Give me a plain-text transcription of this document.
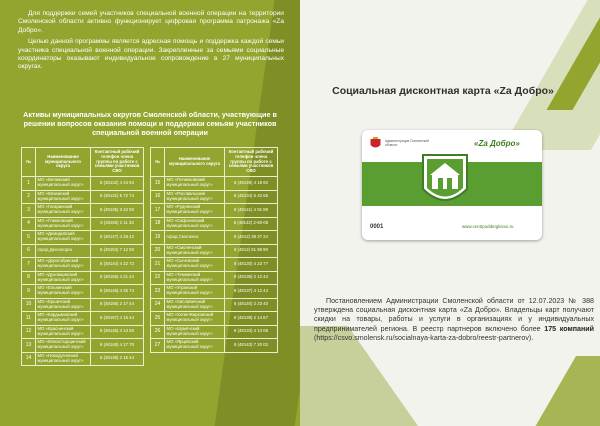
Для поддержки семей участников специальной военной операции на территории Смоленской области активно функционирует цифровая программа патронажа «Za Добро».

Целью данной программы является адресная помощь и поддержка каждой семьи участника специальной военной операции. Закрепленные за семьями социальные координаторы оказывают индивидуальное сопровождение в 27 муниципальных округах.

Активы муниципальных округов Смоленской области, участвующие в решении вопросов оказания помощи и поддержки семьям участников специальной военной операции
№	Наименование муниципального округа	Контактный рабочий телефон члена группы по работе с семьями участников СВО
1	МО «Велижский муниципальный округ»	8 (48132) 4 24 94
2	МО «Вяземский муниципальный округ»	8 (48131) 5 72 74
3	МО «Гагаринский муниципальный округ»	8 (48135) 3 42 50
4	МО «Глинковский муниципальный округ»	8 (48165) 2 11 33
5	МО «Демидовский муниципальный округ»	8 (48147) 4 28 42
6	город Десногорск	8 (48153) 7 12 50
7	МО «Дорогобужский муниципальный округ»	8 (48144) 4 22 72
8	МО «Духовщинский муниципальный округ»	8 (48166) 4 21 44
9	МО «Ельнинский муниципальный округ»	8 (48146) 4 25 74
10	МО «Ершичский муниципальный округ»	8 (48155) 2 17 44
11	МО «Кардымовский муниципальный округ»	8 (48167) 4 15 44
12	МО «Краснинский муниципальный округ»	8 (48145) 4 13 50
13	МО «Монастырщинский муниципальный округ»	8 (48148) 4 17 70
14	МО «Новодугинский муниципальный округ»	8 (48138) 2 15 44
№	Наименование муниципального округа	Контактный рабочий телефон члена группы по работе с семьями участников СВО
15	МО «Починковский муниципальный округ»	8 (48149) 4 18 92
16	МО «Рославльский муниципальный округ»	8 (48134) 6 42 65
17	МО «Руднянский муниципальный округ»	8 (48141) 4 91 89
18	МО «Сафоновский муниципальный округ»	8 (48142) 2-50-05
19	город Смоленск	8 (4812) 38 37 24
20	МО «Смоленский муниципальный округ»	8 (4812) 61 89 90
21	МО «Сычевский муниципальный округ»	8 (48130) 4 23 77
22	МО «Темкинский муниципальный округ»	8 (48136) 2 12 44
23	МО «Угранский муниципальный округ»	8 (48137) 4 12 44
24	МО «Хиславичский муниципальный округ»	8 (48140) 2 23 40
25	МО «Холм-Жирковский муниципальный округ»	8 (48139) 2 14 67
26	МО «Шумячский муниципальный округ»	8 (48133) 4 13 08
27	МО «Ярцевский муниципальный округ»	8 (48143) 7 20 02
Социальная дисконтная карта «Za Добро»
Администрация Смоленской области	«Za Добро»
0001	www.centrpoddergkisvo.ru
Постановлением Администрации Смоленской области от 12.07.2023 № 388 утверждена социальная дисконтная карта «Za Добро». Владельцы карт получают скидки на товары, работы и услуги в организациях и у индивидуальных предпринимателей региона. В реестр партнеров включено более 175 компаний (https://csvo.smolensk.ru/socialnaya-karta-za-dobro/reestr-partnerov).
